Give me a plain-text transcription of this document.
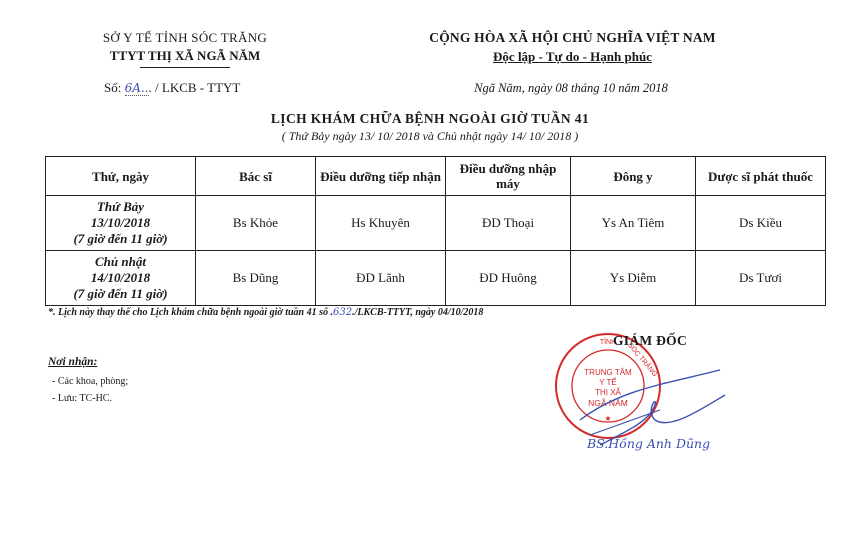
SỞ Y TẾ TỈNH SÓC TRĂNG
TTYT THỊ XÃ NGÃ NĂM
CỘNG HÒA XÃ HỘI CHỦ NGHĨA VIỆT NAM
Độc lập - Tự do - Hạnh phúc
Số: 6A... / LKCB - TTYT	Ngã Năm, ngày 08 tháng 10 năm 2018
LỊCH KHÁM CHỮA BỆNH NGOÀI GIỜ TUẦN 41
( Thứ Bảy ngày 13/ 10/ 2018 và Chủ nhật ngày 14/ 10/ 2018 )
Thứ, ngày	Bác sĩ	Điều dưỡng tiếp nhận	Điều dưỡng nhập máy	Đông y	Dược sĩ phát thuốc

Thứ Bảy
13/10/2018
(7 giờ đến 11 giờ)	Bs Khỏe	Hs Khuyên	ĐD Thoại	Ys An Tiêm	Ds Kiều

Chủ nhật
14/10/2018
(7 giờ đến 11 giờ)	Bs Dũng	ĐD Lãnh	ĐD Huông	Ys Diễm	Ds Tươi
*. Lịch này thay thế cho Lịch khám chữa bệnh ngoài giờ tuần 41 số .632./LKCB-TTYT, ngày 04/10/2018
Nơi nhận:
- Các khoa, phòng;
- Lưu: TC-HC.
GIÁM ĐỐC
TỈNH SÓC TRĂNG
TRUNG TÂM
Y TẾ
THỊ XÃ
NGÃ NĂM
★
BS.Hồng Anh Dũng
